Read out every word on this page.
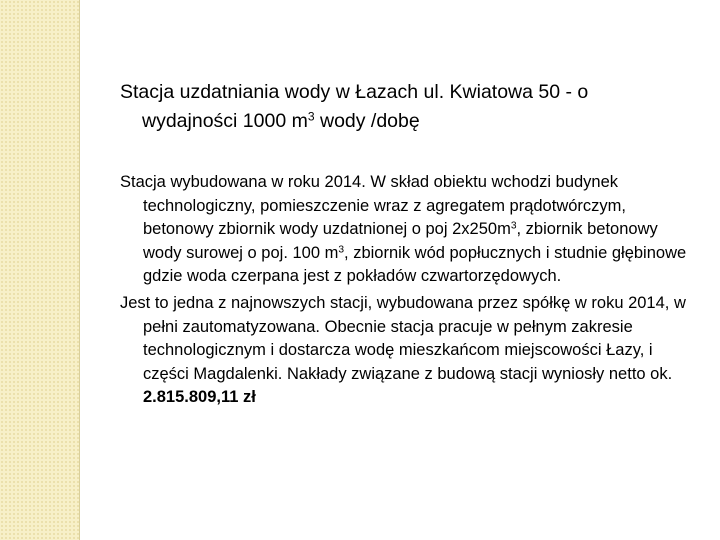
Stacja uzdatniania wody w Łazach ul. Kwiatowa 50 - o wydajności 1000 $m^3$ wody /dobę

Stacja wybudowana w roku 2014. W skład obiektu wchodzi budynek technologiczny, pomieszczenie wraz z agregatem prądotwórczym, betonowy zbiornik wody uzdatnionej o poj $2x250m^3$, zbiornik betonowy wody surowej o poj. 100 $m^3$, zbiornik wód popłucznych i studnie głębinowe gdzie woda czerpana jest z pokładów czwartorzędowych.

Jest to jedna z najnowszych stacji, wybudowana przez spółkę w roku 2014, w pełni zautomatyzowana. Obecnie stacja pracuje w pełnym zakresie technologicznym i dostarcza wodę mieszkańcom miejscowości Łazy, i części Magdalenki. Nakłady związane z budową stacji wyniosły netto ok. 2.815.809,11 zł
